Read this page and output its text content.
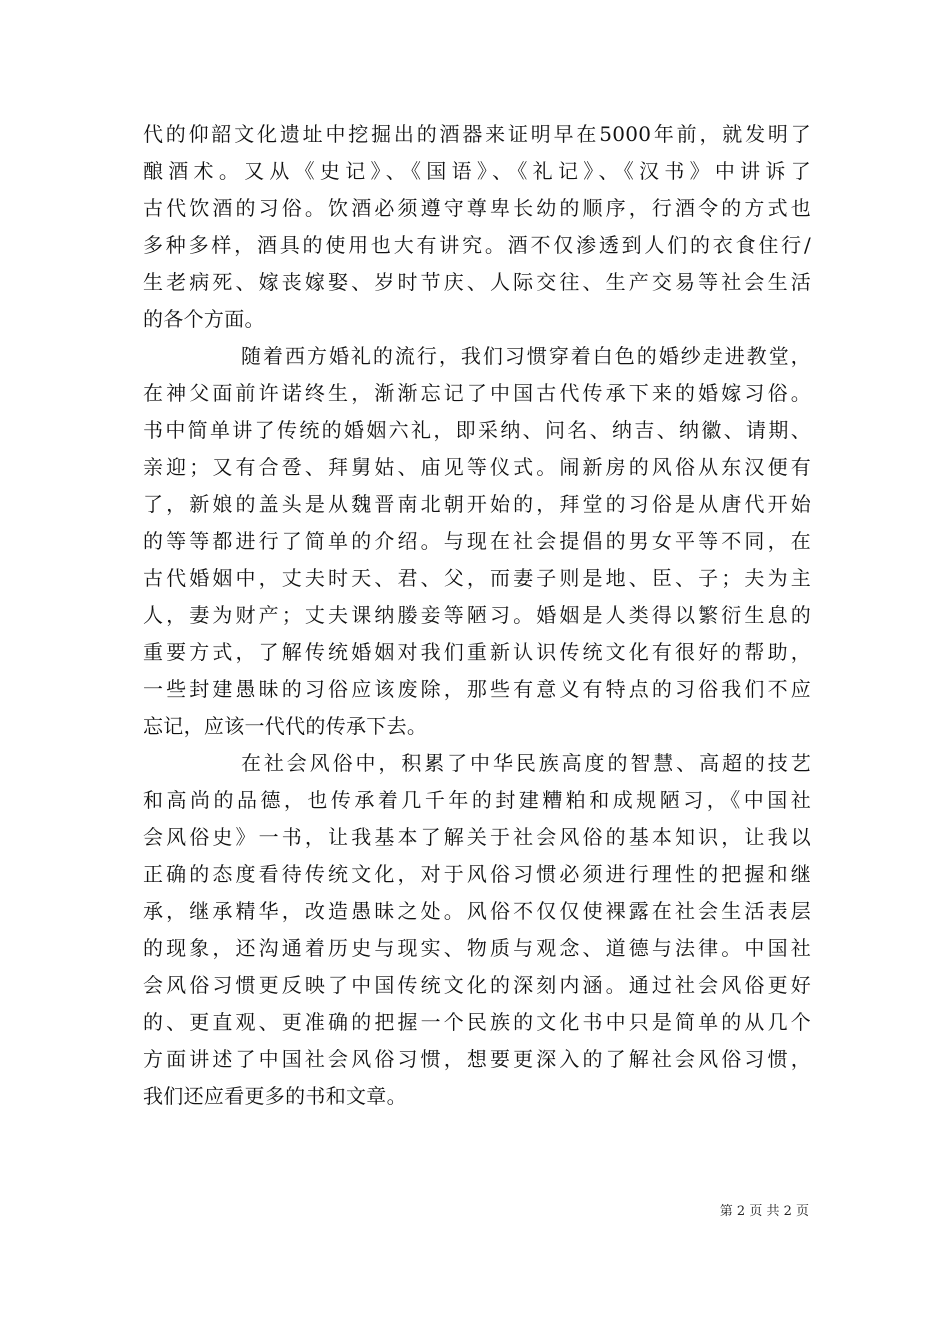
代的仰韶文化遗址中挖掘出的酒器来证明早在5000年前，就发明了
酿酒术。又从《史记》、《国语》、《礼记》、《汉书》中讲诉了
古代饮酒的习俗。饮酒必须遵守尊卑长幼的顺序，行酒令的方式也
多种多样，酒具的使用也大有讲究。酒不仅渗透到人们的衣食住行/
生老病死、嫁丧嫁娶、岁时节庆、人际交往、生产交易等社会生活
的各个方面。
随着西方婚礼的流行，我们习惯穿着白色的婚纱走进教堂，
在神父面前许诺终生，渐渐忘记了中国古代传承下来的婚嫁习俗。
书中简单讲了传统的婚姻六礼，即采纳、问名、纳吉、纳徽、请期、
亲迎；又有合卺、拜舅姑、庙见等仪式。闹新房的风俗从东汉便有
了，新娘的盖头是从魏晋南北朝开始的，拜堂的习俗是从唐代开始
的等等都进行了简单的介绍。与现在社会提倡的男女平等不同，在
古代婚姻中，丈夫时天、君、父，而妻子则是地、臣、子；夫为主
人，妻为财产；丈夫课纳媵妾等陋习。婚姻是人类得以繁衍生息的
重要方式，了解传统婚姻对我们重新认识传统文化有很好的帮助，
一些封建愚昧的习俗应该废除，那些有意义有特点的习俗我们不应
忘记，应该一代代的传承下去。
在社会风俗中，积累了中华民族高度的智慧、高超的技艺
和高尚的品德，也传承着几千年的封建糟粕和成规陋习，《中国社
会风俗史》一书，让我基本了解关于社会风俗的基本知识，让我以
正确的态度看待传统文化，对于风俗习惯必须进行理性的把握和继
承，继承精华，改造愚昧之处。风俗不仅仅使裸露在社会生活表层
的现象，还沟通着历史与现实、物质与观念、道德与法律。中国社
会风俗习惯更反映了中国传统文化的深刻内涵。通过社会风俗更好
的、更直观、更准确的把握一个民族的文化书中只是简单的从几个
方面讲述了中国社会风俗习惯，想要更深入的了解社会风俗习惯，
我们还应看更多的书和文章。
第 2 页 共 2 页
